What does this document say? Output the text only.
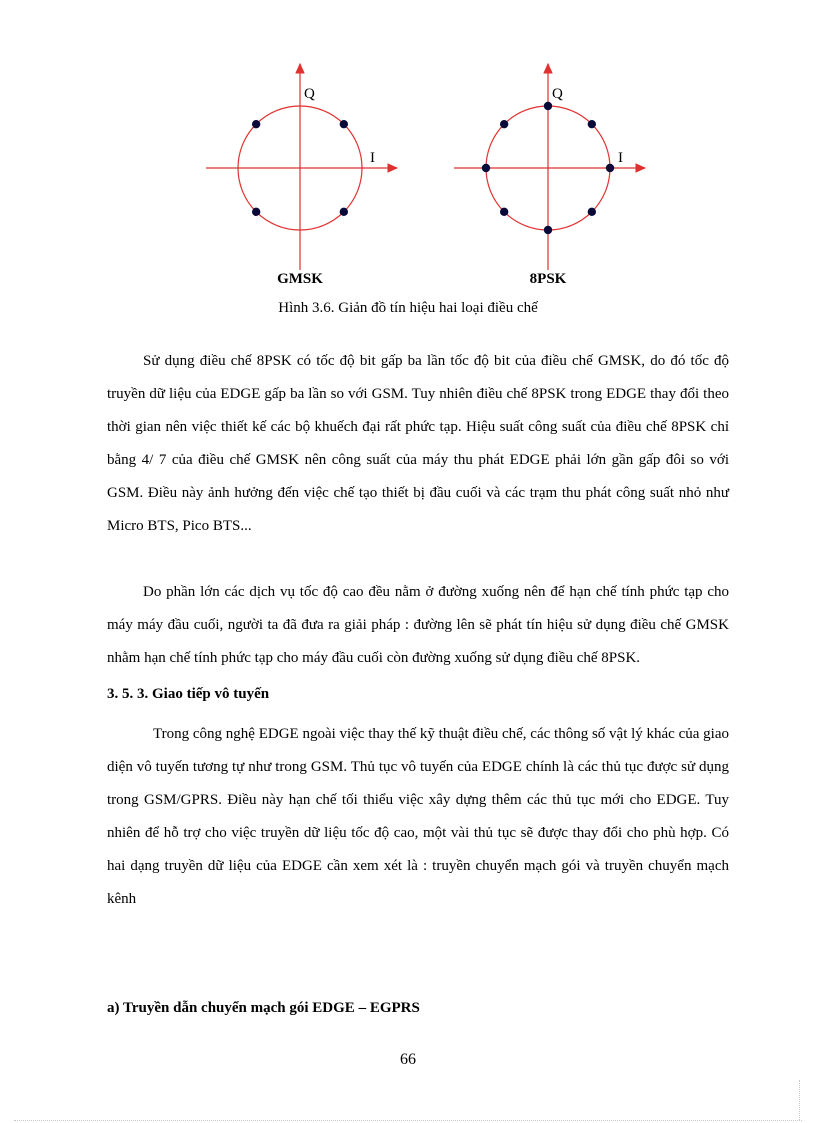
I
Q
I
Q
GMSK	8PSK
Hình 3.6. Giản đồ tín hiệu hai loại điều chế

Sử dụng điều chế 8PSK có tốc độ bit gấp ba lần tốc độ bit của điều chế GMSK, do đó tốc độ truyền dữ liệu của EDGE gấp ba lần so với GSM. Tuy nhiên điều chế 8PSK trong EDGE thay đổi theo thời gian nên việc thiết kế các bộ khuếch đại rất phức tạp. Hiệu suất công suất của điều chế 8PSK chỉ bằng 4/ 7 của điều chế GMSK nên công suất của máy thu phát EDGE phải lớn gần gấp đôi so với GSM. Điều này ảnh hưởng đến việc chế tạo thiết bị đầu cuối và các trạm thu phát công suất nhỏ như Micro BTS, Pico BTS...

Do phần lớn các dịch vụ tốc độ cao đều nằm ở đường xuống nên để hạn chế tính phức tạp cho máy máy đầu cuối, người ta đã đưa ra giải pháp : đường lên sẽ phát tín hiệu sử dụng điều chế GMSK nhằm hạn chế tính phức tạp cho máy đầu cuối còn đường xuống sử dụng điều chế 8PSK.

3. 5. 3. Giao tiếp vô tuyến

Trong công nghệ EDGE ngoài việc thay thế kỹ thuật điều chế, các thông số vật lý khác của giao diện vô tuyến tương tự như trong GSM. Thủ tục vô tuyến của EDGE chính là các thủ tục được sử dụng trong GSM/GPRS. Điều này hạn chế tối thiểu việc xây dựng thêm các thủ tục mới cho EDGE. Tuy nhiên để hỗ trợ cho việc truyền dữ liệu tốc độ cao, một vài thủ tục sẽ được thay đổi cho phù hợp. Có hai dạng truyền dữ liệu của EDGE cần xem xét là : truyền chuyển mạch gói và truyền chuyển mạch kênh

a) Truyền dẫn chuyển mạch gói EDGE – EGPRS
66
